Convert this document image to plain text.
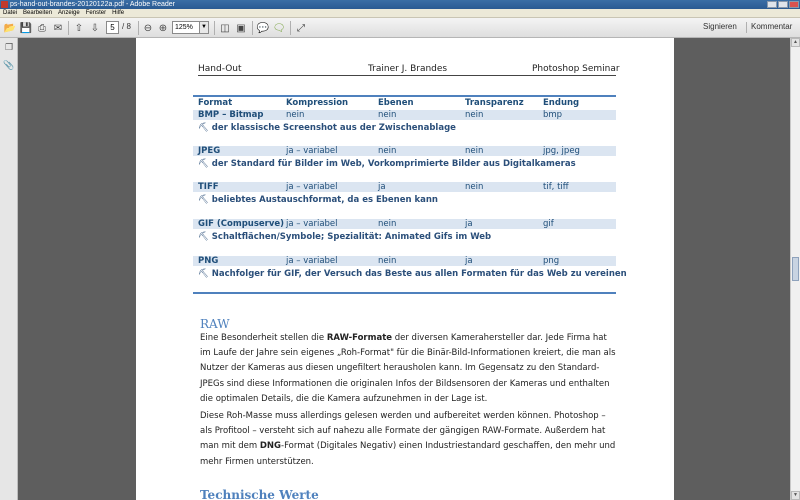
ps-hand-out-brandes-20120122a.pdf - Adobe Reader
Datei Bearbeiten Anzeige Fenster Hilfe
📂 💾 ⎙ ✉ ⇧ ⇩	5 / 8 ⊖ ⊕	125%	▼ ◫ ▣ 💬 🗨	⤢	Signieren Kommentar
❐
📎	Hand-Out	Trainer J. Brandes	Photoshop Seminar
Format	Kompression	Ebenen	Transparenz Endung
BMP – Bitmap	nein	nein	nein	bmp
⛏ der klassische Screenshot aus der Zwischenablage
JPEG	ja – variabel	nein	nein	jpg, jpeg
⛏ der Standard für Bilder im Web, Vorkomprimierte Bilder aus Digitalkameras
TIFF	ja – variabel	ja	nein	tif, tiff
⛏ beliebtes Austauschformat, da es Ebenen kann
GIF (Compuserve) ja – variabel	nein	ja	gif
⛏ Schaltflächen/Symbole; Spezialität: Animated Gifs im Web
PNG	ja – variabel	nein	ja	png
⛏ Nachfolger für GIF, der Versuch das Beste aus allen Formaten für das Web zu vereinen
RAW
Eine Besonderheit stellen die RAW-Formate der diversen Kamerahersteller dar. Jede Firma hat im Laufe der Jahre sein eigenes „Roh-Format" für die Binär-Bild-Informationen kreiert, die man als Nutzer der Kameras aus diesen ungefiltert herausholen kann. Im Gegensatz zu den Standard-JPEGs sind diese Informationen die originalen Infos der Bildsensoren der Kameras und enthalten die optimalen Details, die die Kamera aufzunehmen in der Lage ist.
Diese Roh-Masse muss allerdings gelesen werden und aufbereitet werden können. Photoshop – als Profitool – versteht sich auf nahezu alle Formate der gängigen RAW-Formate. Außerdem hat man mit dem DNG-Format (Digitales Negativ) einen Industriestandard geschaffen, den mehr und mehr Firmen unterstützen.
Technische Werte
▲
▼
